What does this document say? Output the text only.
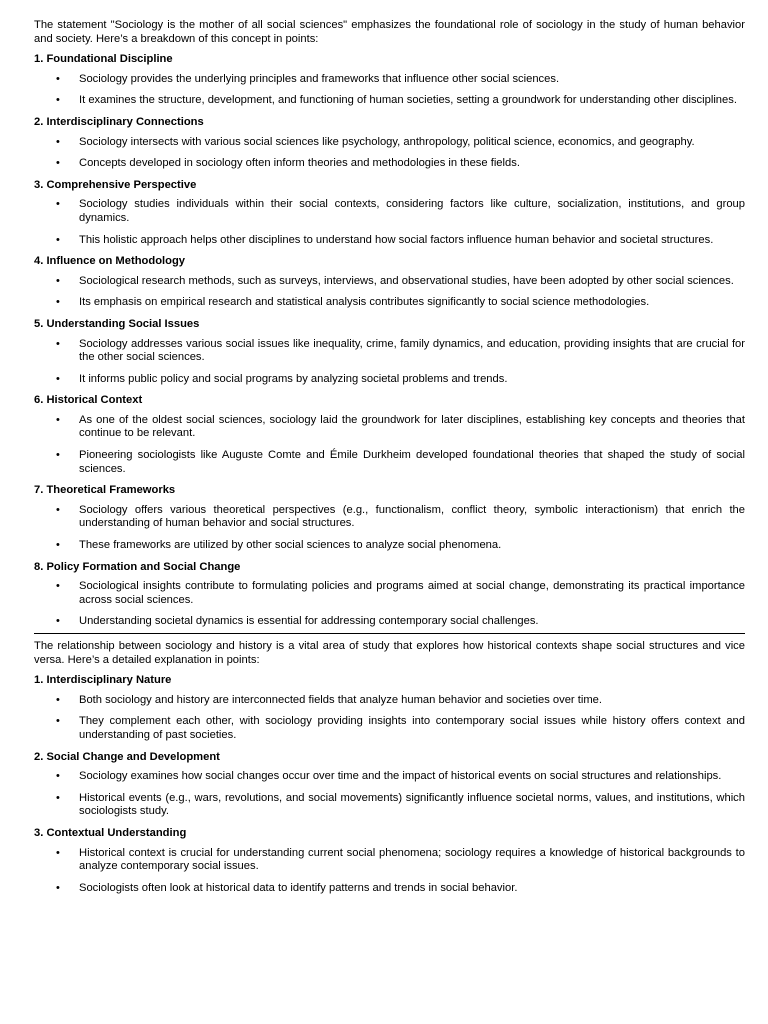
The statement "Sociology is the mother of all social sciences" emphasizes the foundational role of sociology in the study of human behavior and society. Here’s a breakdown of this concept in points:

1. Foundational Discipline
• Sociology provides the underlying principles and frameworks that influence other social sciences.
• It examines the structure, development, and functioning of human societies, setting a groundwork for understanding other disciplines.
2. Interdisciplinary Connections
• Sociology intersects with various social sciences like psychology, anthropology, political science, economics, and geography.
• Concepts developed in sociology often inform theories and methodologies in these fields.
3. Comprehensive Perspective
• Sociology studies individuals within their social contexts, considering factors like culture, socialization, institutions, and group dynamics.
• This holistic approach helps other disciplines to understand how social factors influence human behavior and societal structures.
4. Influence on Methodology
• Sociological research methods, such as surveys, interviews, and observational studies, have been adopted by other social sciences.
• Its emphasis on empirical research and statistical analysis contributes significantly to social science methodologies.
5. Understanding Social Issues
• Sociology addresses various social issues like inequality, crime, family dynamics, and education, providing insights that are crucial for the other social sciences.
• It informs public policy and social programs by analyzing societal problems and trends.
6. Historical Context
• As one of the oldest social sciences, sociology laid the groundwork for later disciplines, establishing key concepts and theories that continue to be relevant.
• Pioneering sociologists like Auguste Comte and Émile Durkheim developed foundational theories that shaped the study of social sciences.
7. Theoretical Frameworks
• Sociology offers various theoretical perspectives (e.g., functionalism, conflict theory, symbolic interactionism) that enrich the understanding of human behavior and social structures.
• These frameworks are utilized by other social sciences to analyze social phenomena.
8. Policy Formation and Social Change
• Sociological insights contribute to formulating policies and programs aimed at social change, demonstrating its practical importance across social sciences.
• Understanding societal dynamics is essential for addressing contemporary social challenges.

The relationship between sociology and history is a vital area of study that explores how historical contexts shape social structures and vice versa. Here’s a detailed explanation in points:

1. Interdisciplinary Nature
• Both sociology and history are interconnected fields that analyze human behavior and societies over time.
• They complement each other, with sociology providing insights into contemporary social issues while history offers context and understanding of past societies.
2. Social Change and Development
• Sociology examines how social changes occur over time and the impact of historical events on social structures and relationships.
• Historical events (e.g., wars, revolutions, and social movements) significantly influence societal norms, values, and institutions, which sociologists study.
3. Contextual Understanding
• Historical context is crucial for understanding current social phenomena; sociology requires a knowledge of historical backgrounds to analyze contemporary social issues.
• Sociologists often look at historical data to identify patterns and trends in social behavior.
